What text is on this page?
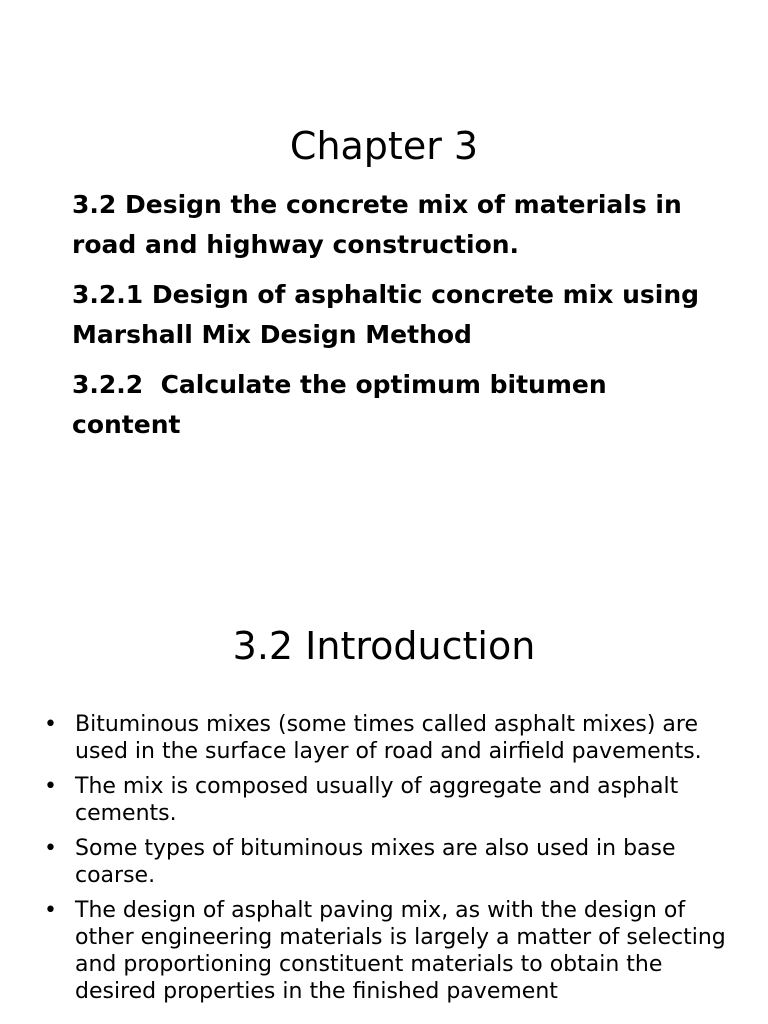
Chapter 3
3.2 Design the concrete mix of materials in road and highway construction.
3.2.1 Design of asphaltic concrete mix using Marshall Mix Design Method
3.2.2  Calculate the optimum bitumen content
3.2 Introduction
• Bituminous mixes (some times called asphalt mixes) are used in the surface layer of road and airfield pavements.
• The mix is composed usually of aggregate and asphalt cements.
• Some types of bituminous mixes are also used in base coarse.
• The design of asphalt paving mix, as with the design of other engineering materials is largely a matter of selecting and proportioning constituent materials to obtain the desired properties in the finished pavement
